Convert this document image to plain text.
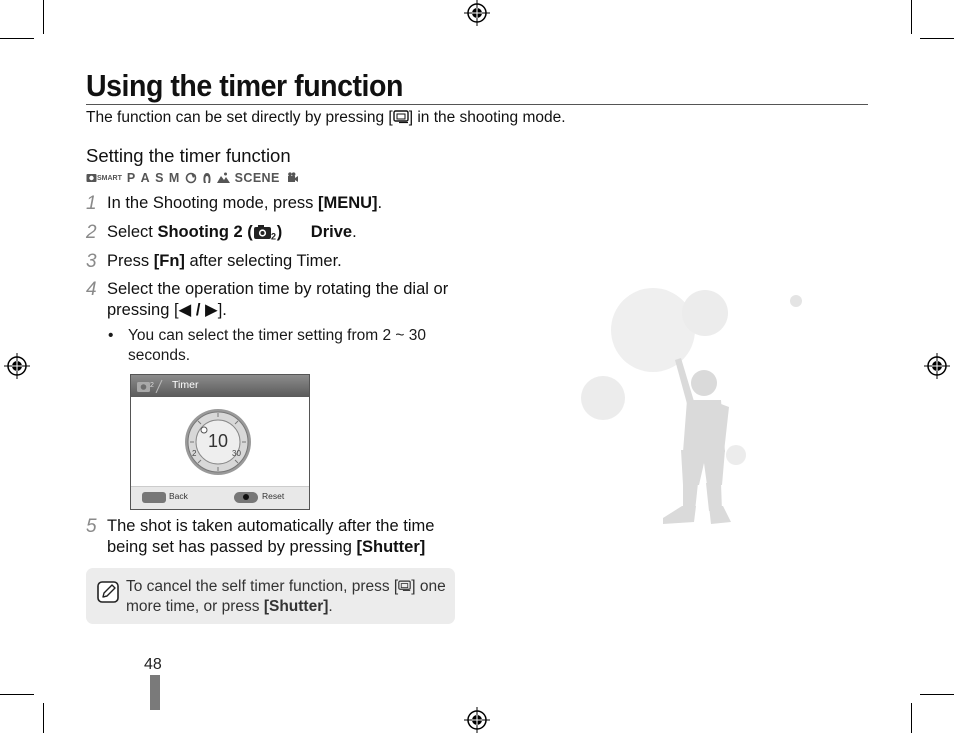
Using the timer function
The function can be set directly by pressing [ ] in the shooting mode.
Setting the timer function
SMART P A S M	SCENE
1 In the Shooting mode, press [MENU].
2 Select Shooting 2 ( 2 ) → Drive.
3 Press [Fn] after selecting Timer.
4 Select the operation time by rotating the dial or pressing [◀ / ▶].
• You can select the timer setting from 2 ~ 30 seconds.
2 Timer
10
2	30
Back	Reset
5 The shot is taken automatically after the time being set has passed by pressing [Shutter]
To cancel the self timer function, press [ ] one more time, or press [Shutter].
48
